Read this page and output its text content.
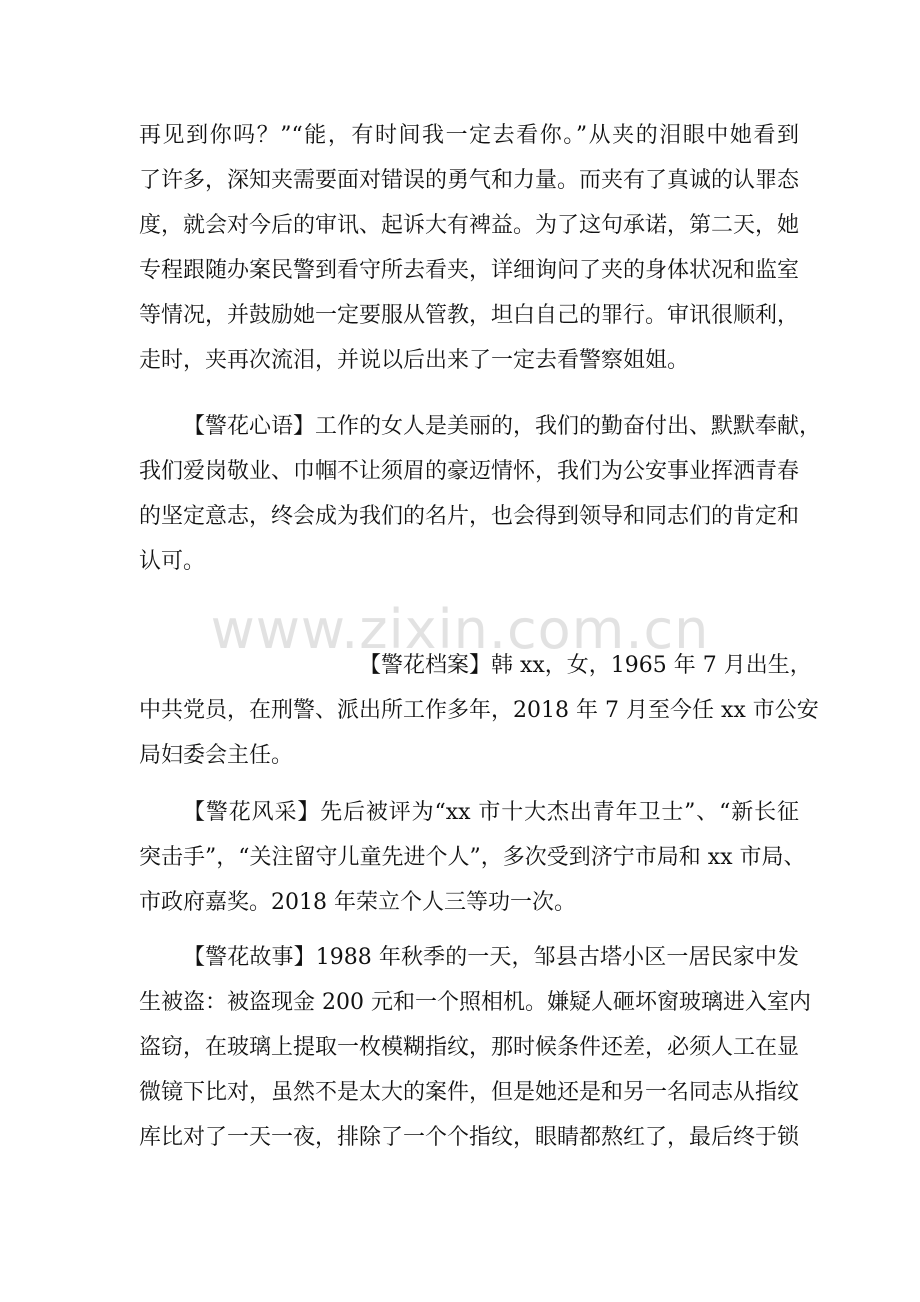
再见到你吗？”“能，有时间我一定去看你。”从夹的泪眼中她看到
了许多，深知夹需要面对错误的勇气和力量。而夹有了真诚的认罪态
度，就会对今后的审讯、起诉大有裨益。为了这句承诺，第二天，她
专程跟随办案民警到看守所去看夹，详细询问了夹的身体状况和监室
等情况，并鼓励她一定要服从管教，坦白自己的罪行。审讯很顺利，
走时，夹再次流泪，并说以后出来了一定去看警察姐姐。
【警花心语】工作的女人是美丽的，我们的勤奋付出、默默奉献，
我们爱岗敬业、巾帼不让须眉的豪迈情怀，我们为公安事业挥洒青春
的坚定意志，终会成为我们的名片，也会得到领导和同志们的肯定和
认可。
【警花档案】韩 xx，女，1965 年 7 月出生，
中共党员，在刑警、派出所工作多年，2018 年 7 月至今任 xx 市公安
局妇委会主任。
【警花风采】先后被评为“xx 市十大杰出青年卫士”、“新长征
突击手”，“关注留守儿童先进个人”，多次受到济宁市局和 xx 市局、
市政府嘉奖。2018 年荣立个人三等功一次。
【警花故事】1988 年秋季的一天，邹县古塔小区一居民家中发
生被盗：被盗现金 200 元和一个照相机。嫌疑人砸坏窗玻璃进入室内
盗窃，在玻璃上提取一枚模糊指纹，那时候条件还差，必须人工在显
微镜下比对，虽然不是太大的案件，但是她还是和另一名同志从指纹
库比对了一天一夜，排除了一个个指纹，眼睛都熬红了，最后终于锁
www.zixin.com.cn
